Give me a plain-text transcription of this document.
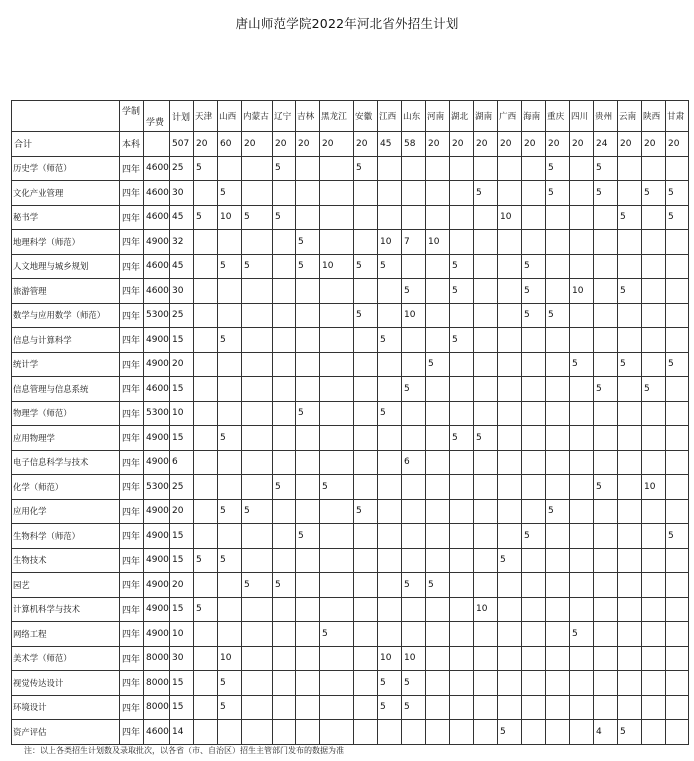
唐山师范学院2022年河北省外招生计划
	学制	学费	计划	天津	山西	内蒙古	辽宁	吉林	黑龙江	安徽	江西	山东	河南	湖北	湖南	广西	海南	重庆	四川	贵州	云南	陕西	甘肃
合计	本科		507	20	60	20	20	20	20	20	45	58	20	20	20	20	20	20	20	24	20	20	20
历史学（师范）	四年	4600	25	5			5			5								5		5			
文化产业管理	四年	4600	30		5										5			5		5		5	5
秘书学	四年	4600	45	5	10	5	5									10					5		5
地理科学（师范）	四年	4900	32					5			10	7	10										
人文地理与城乡规划	四年	4600	45		5	5		5	10	5	5			5			5						
旅游管理	四年	4600	30									5		5			5		10		5		
数学与应用数学（师范）	四年	5300	25							5		10					5	5					
信息与计算科学	四年	4900	15		5						5			5									
统计学	四年	4900	20										5						5		5		5
信息管理与信息系统	四年	4600	15									5								5		5	
物理学（师范）	四年	5300	10					5			5												
应用物理学	四年	4900	15		5									5	5								
电子信息科学与技术	四年	4900	6									6											
化学（师范）	四年	5300	25				5		5											5		10	
应用化学	四年	4900	20		5	5				5								5					
生物科学（师范）	四年	4900	15					5									5						5
生物技术	四年	4900	15	5	5											5							
园艺	四年	4900	20			5	5					5	5										
计算机科学与技术	四年	4900	15	5											10								
网络工程	四年	4900	10						5										5				
美术学（师范）	四年	8000	30		10						10	10											
视觉传达设计	四年	8000	15		5						5	5											
环境设计	四年	8000	15		5						5	5											
资产评估	四年	4600	14													5				4	5		
注：以上各类招生计划数及录取批次，以各省（市、自治区）招生主管部门发布的数据为准
